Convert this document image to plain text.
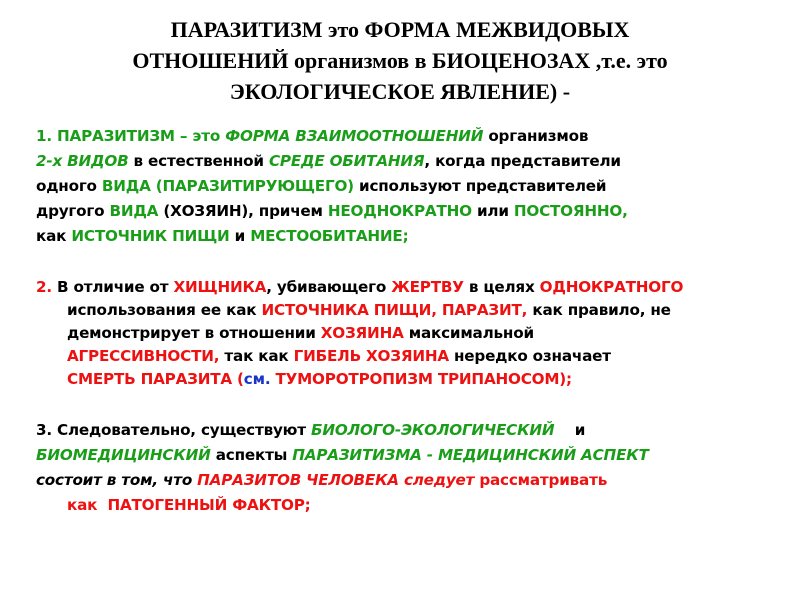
ПАРАЗИТИЗМ это ФОРМА МЕЖВИДОВЫХ
ОТНОШЕНИЙ организмов в БИОЦЕНОЗАХ ,т.е. это
ЭКОЛОГИЧЕСКОЕ ЯВЛЕНИЕ) -
1. ПАРАЗИТИЗМ – это ФОРМА ВЗАИМООТНОШЕНИЙ организмов
2-х ВИДОВ в естественной СРЕДЕ ОБИТАНИЯ, когда представители
одного ВИДА (ПАРАЗИТИРУЮЩЕГО) используют представителей
другого ВИДА (ХОЗЯИН), причем НЕОДНОКРАТНО или ПОСТОЯННО,
как ИСТОЧНИК ПИЩИ и МЕСТООБИТАНИЕ;
2. В отличие от ХИЩНИКА, убивающего ЖЕРТВУ в целях ОДНОКРАТНОГО
использования ее как ИСТОЧНИКА ПИЩИ, ПАРАЗИТ, как правило, не
демонстрирует в отношении ХОЗЯИНА максимальной
АГРЕССИВНОСТИ, так как ГИБЕЛЬ ХОЗЯИНА нередко означает
СМЕРТЬ ПАРАЗИТА (см. ТУМОРОТРОПИЗМ ТРИПАНОСОМ);
3. Следовательно, существуют БИОЛОГО-ЭКОЛОГИЧЕСКИЙ    и
БИОМЕДИЦИНСКИЙ аспекты ПАРАЗИТИЗМА - МЕДИЦИНСКИЙ АСПЕКТ
состоит в том, что ПАРАЗИТОВ ЧЕЛОВЕКА следует рассматривать
как  ПАТОГЕННЫЙ ФАКТОР;
